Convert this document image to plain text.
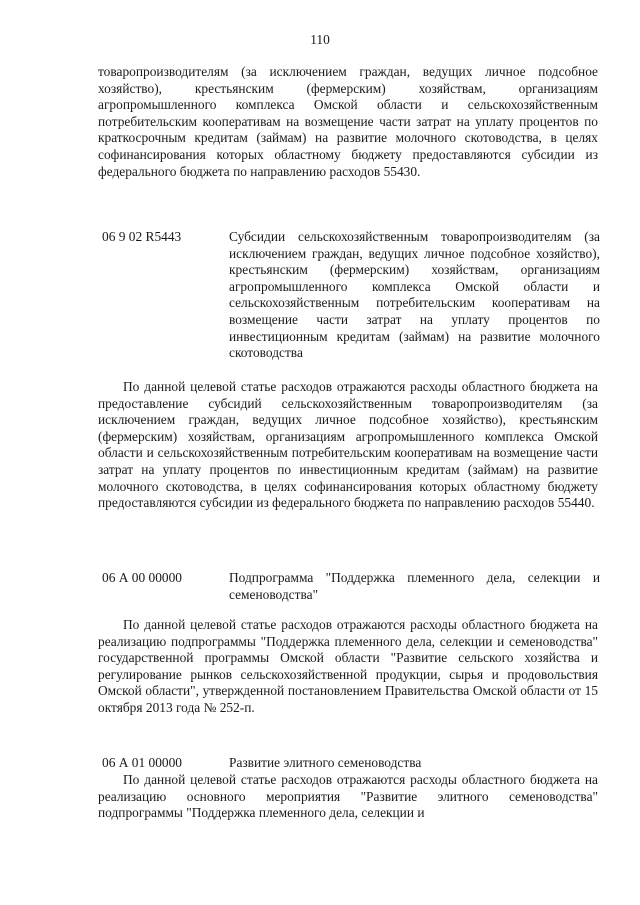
110

товаропроизводителям (за исключением граждан, ведущих личное подсобное хозяйство), крестьянским (фермерским) хозяйствам, организациям агропромышленного комплекса Омской области и сельскохозяйственным потребительским кооперативам на возмещение части затрат на уплату процентов по краткосрочным кредитам (займам) на развитие молочного скотоводства, в целях софинансирования которых областному бюджету предоставляются субсидии из федерального бюджета по направлению расходов 55430.

06 9 02 R5443	Субсидии сельскохозяйственным товаропроизводителям (за исключением граждан, ведущих личное подсобное хозяйство), крестьянским (фермерским) хозяйствам, организациям агропромышленного комплекса Омской области и сельскохозяйственным потребительским кооперативам на возмещение части затрат на уплату процентов по инвестиционным кредитам (займам) на развитие молочного скотоводства

По данной целевой статье расходов отражаются расходы областного бюджета на предоставление субсидий сельскохозяйственным товаропроизводителям (за исключением граждан, ведущих личное подсобное хозяйство), крестьянским (фермерским) хозяйствам, организациям агропромышленного комплекса Омской области и сельскохозяйственным потребительским кооперативам на возмещение части затрат на уплату процентов по инвестиционным кредитам (займам) на развитие молочного скотоводства, в целях софинансирования которых областному бюджету предоставляются субсидии из федерального бюджета по направлению расходов 55440.

06 А 00 00000	Подпрограмма "Поддержка племенного дела, селекции и семеноводства"

По данной целевой статье расходов отражаются расходы областного бюджета на реализацию подпрограммы "Поддержка племенного дела, селекции и семеноводства" государственной программы Омской области "Развитие сельского хозяйства и регулирование рынков сельскохозяйственной продукции, сырья и продовольствия Омской области", утвержденной постановлением Правительства Омской области от 15 октября 2013 года № 252-п.

06 А 01 00000	Развитие элитного семеноводства

По данной целевой статье расходов отражаются расходы областного бюджета на реализацию основного мероприятия "Развитие элитного семеноводства" подпрограммы "Поддержка племенного дела, селекции и
